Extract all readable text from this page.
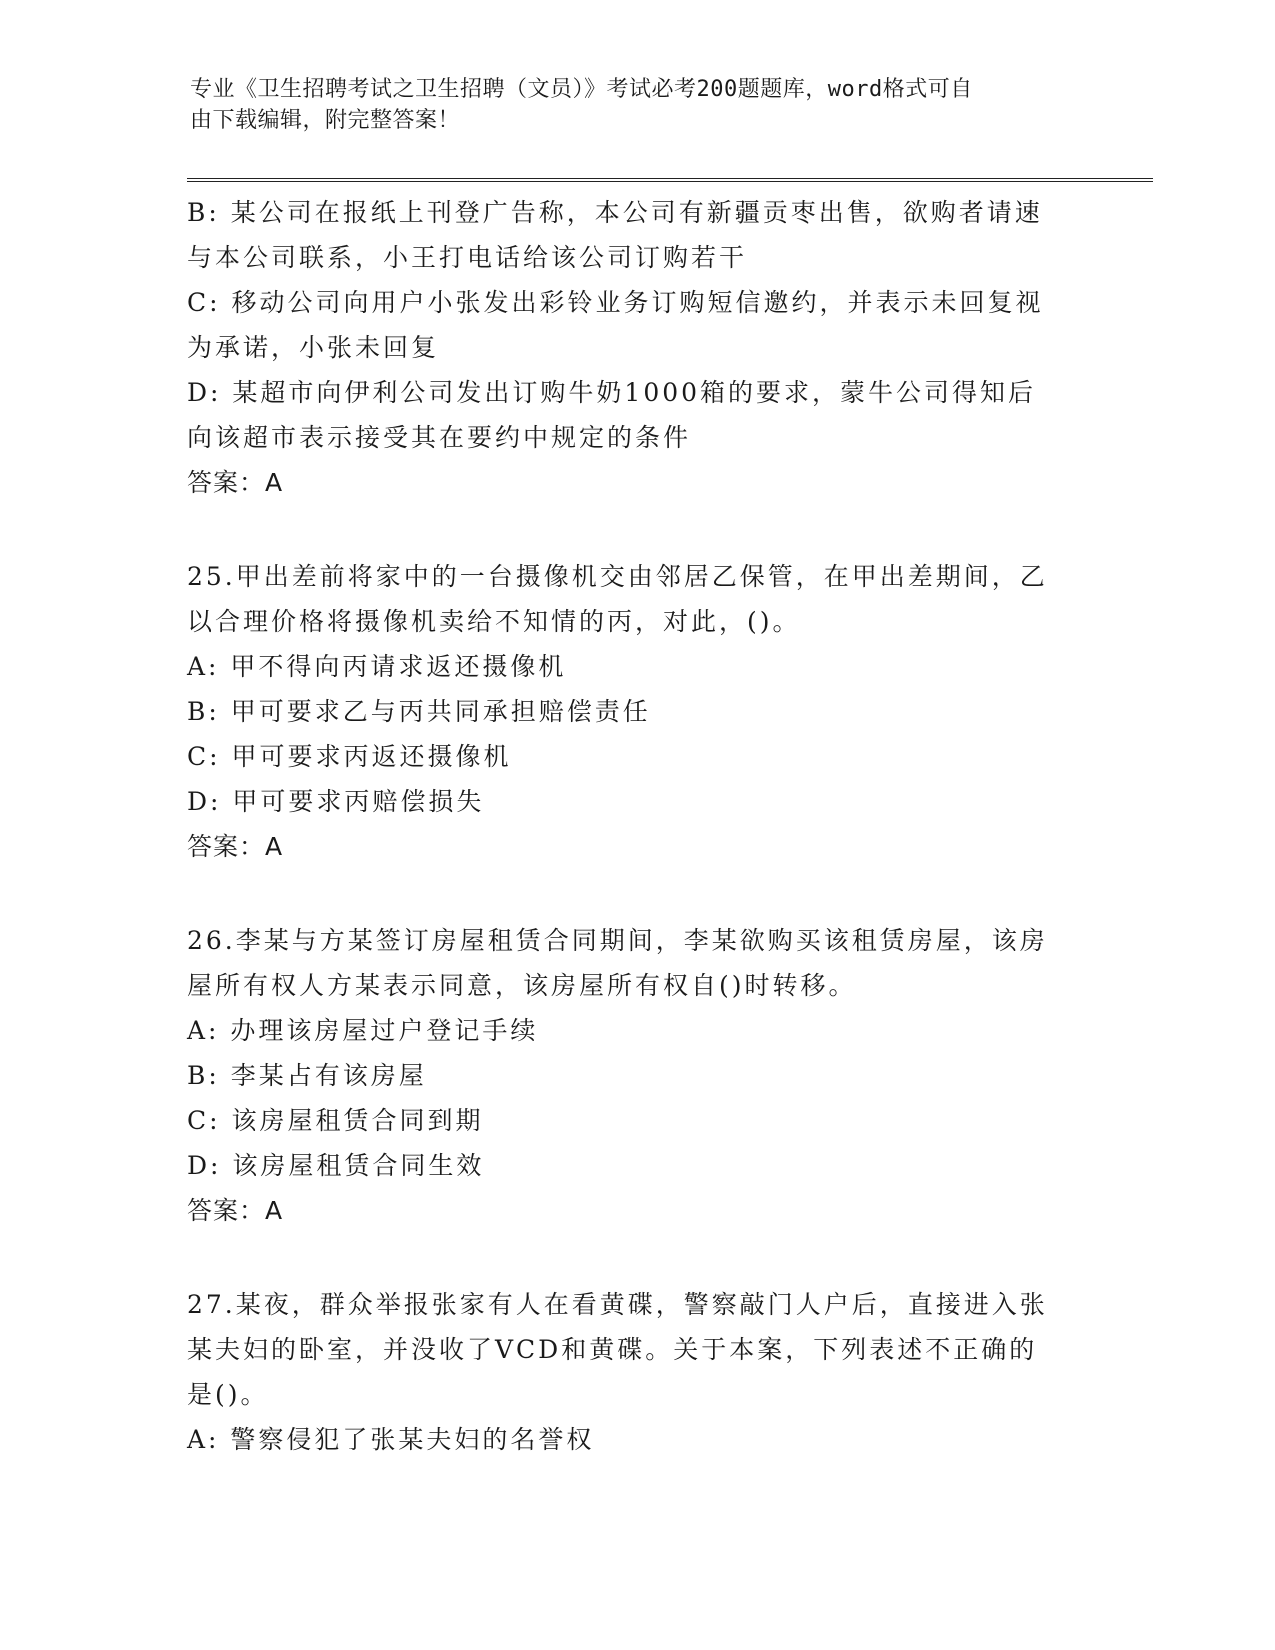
专业《卫生招聘考试之卫生招聘（文员）》考试必考200题题库，word格式可自
由下载编辑，附完整答案！
B: 某公司在报纸上刊登广告称，本公司有新疆贡枣出售，欲购者请速
与本公司联系，小王打电话给该公司订购若干
C: 移动公司向用户小张发出彩铃业务订购短信邀约，并表示未回复视
为承诺，小张未回复
D: 某超市向伊利公司发出订购牛奶1000箱的要求，蒙牛公司得知后
向该超市表示接受其在要约中规定的条件
答案：A
25.甲出差前将家中的一台摄像机交由邻居乙保管，在甲出差期间，乙
以合理价格将摄像机卖给不知情的丙，对此，()。
A: 甲不得向丙请求返还摄像机
B: 甲可要求乙与丙共同承担赔偿责任
C: 甲可要求丙返还摄像机
D: 甲可要求丙赔偿损失
答案：A
26.李某与方某签订房屋租赁合同期间，李某欲购买该租赁房屋，该房
屋所有权人方某表示同意，该房屋所有权自()时转移。
A: 办理该房屋过户登记手续
B: 李某占有该房屋
C: 该房屋租赁合同到期
D: 该房屋租赁合同生效
答案：A
27.某夜，群众举报张家有人在看黄碟，警察敲门人户后，直接进入张
某夫妇的卧室，并没收了VCD和黄碟。关于本案，下列表述不正确的
是()。
A: 警察侵犯了张某夫妇的名誉权
